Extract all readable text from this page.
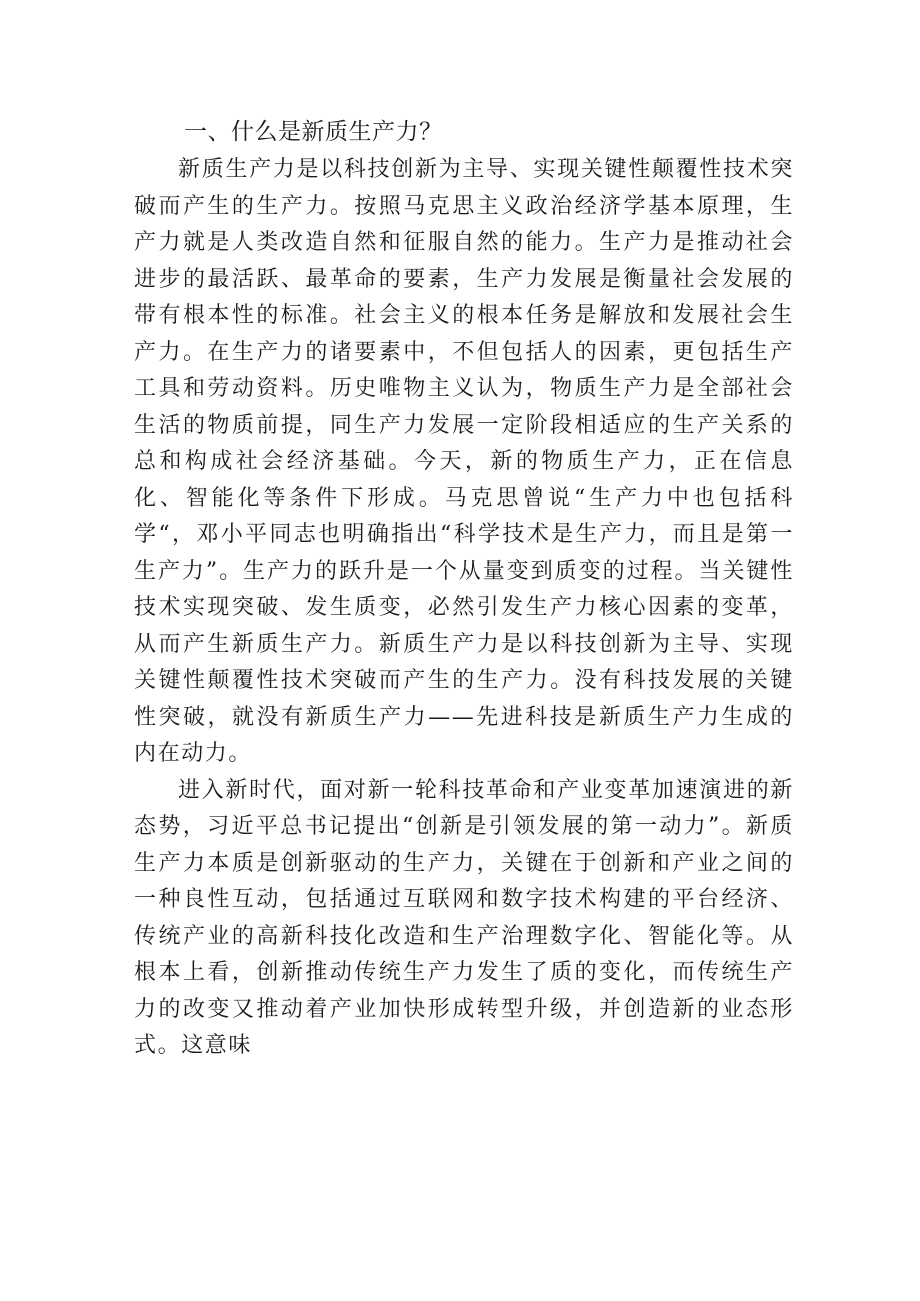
一、什么是新质生产力？

新质生产力是以科技创新为主导、实现关键性颠覆性技术突破而产生的生产力。按照马克思主义政治经济学基本原理，生产力就是人类改造自然和征服自然的能力。生产力是推动社会进步的最活跃、最革命的要素，生产力发展是衡量社会发展的带有根本性的标准。社会主义的根本任务是解放和发展社会生产力。在生产力的诸要素中，不但包括人的因素，更包括生产工具和劳动资料。历史唯物主义认为，物质生产力是全部社会生活的物质前提，同生产力发展一定阶段相适应的生产关系的总和构成社会经济基础。今天，新的物质生产力，正在信息化、智能化等条件下形成。马克思曾说“生产力中也包括科学“，邓小平同志也明确指出“科学技术是生产力，而且是第一生产力”。生产力的跃升是一个从量变到质变的过程。当关键性技术实现突破、发生质变，必然引发生产力核心因素的变革，从而产生新质生产力。新质生产力是以科技创新为主导、实现关键性颠覆性技术突破而产生的生产力。没有科技发展的关键性突破，就没有新质生产力——先进科技是新质生产力生成的内在动力。

进入新时代，面对新一轮科技革命和产业变革加速演进的新态势，习近平总书记提出“创新是引领发展的第一动力”。新质生产力本质是创新驱动的生产力，关键在于创新和产业之间的一种良性互动，包括通过互联网和数字技术构建的平台经济、传统产业的高新科技化改造和生产治理数字化、智能化等。从根本上看，创新推动传统生产力发生了质的变化，而传统生产力的改变又推动着产业加快形成转型升级，并创造新的业态形式。这意味
